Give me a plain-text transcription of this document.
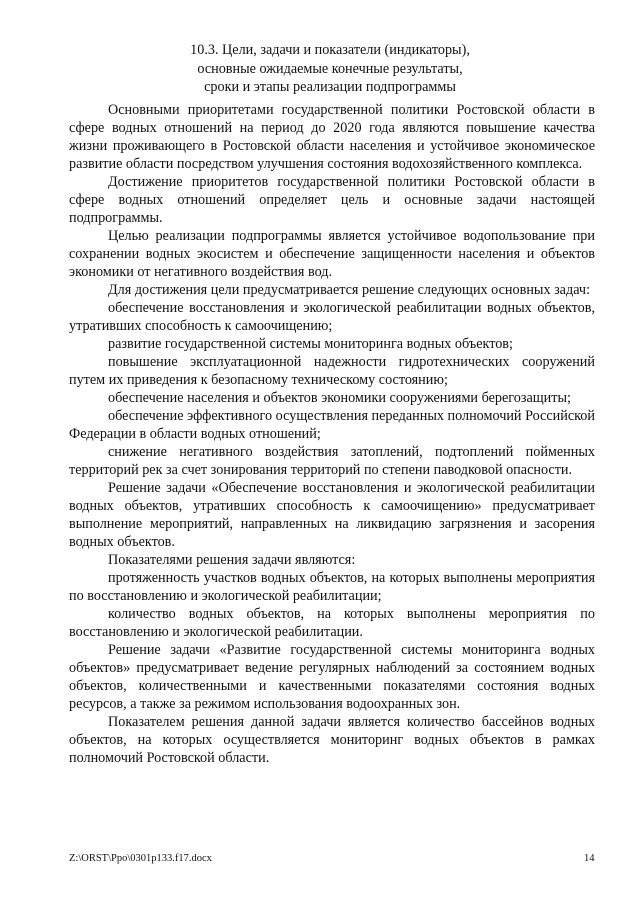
10.3. Цели, задачи и показатели (индикаторы),
основные ожидаемые конечные результаты,
сроки и этапы реализации подпрограммы

Основными приоритетами государственной политики Ростовской области в сфере водных отношений на период до 2020 года являются повышение качества жизни проживающего в Ростовской области населения и устойчивое экономическое развитие области посредством улучшения состояния водохозяйственного комплекса.

Достижение приоритетов государственной политики Ростовской области в сфере водных отношений определяет цель и основные задачи настоящей подпрограммы.

Целью реализации подпрограммы является устойчивое водопользование при сохранении водных экосистем и обеспечение защищенности населения и объектов экономики от негативного воздействия вод.

Для достижения цели предусматривается решение следующих основных задач:

обеспечение восстановления и экологической реабилитации водных объектов, утративших способность к самоочищению;

развитие государственной системы мониторинга водных объектов;

повышение эксплуатационной надежности гидротехнических сооружений путем их приведения к безопасному техническому состоянию;

обеспечение населения и объектов экономики сооружениями берегозащиты;

обеспечение эффективного осуществления переданных полномочий Российской Федерации в области водных отношений;

снижение негативного воздействия затоплений, подтоплений пойменных территорий рек за счет зонирования территорий по степени паводковой опасности.

Решение задачи «Обеспечение восстановления и экологической реабилитации водных объектов, утративших способность к самоочищению» предусматривает выполнение мероприятий, направленных на ликвидацию загрязнения и засорения водных объектов.

Показателями решения задачи являются:

протяженность участков водных объектов, на которых выполнены мероприятия по восстановлению и экологической реабилитации;

количество водных объектов, на которых выполнены мероприятия по восстановлению и экологической реабилитации.

Решение задачи «Развитие государственной системы мониторинга водных объектов» предусматривает ведение регулярных наблюдений за состоянием водных объектов, количественными и качественными показателями состояния водных ресурсов, а также за режимом использования водоохранных зон.

Показателем решения данной задачи является количество бассейнов водных объектов, на которых осуществляется мониторинг водных объектов в рамках полномочий Ростовской области.

Z:\ORST\Ppo\0301p133.f17.docx	14
